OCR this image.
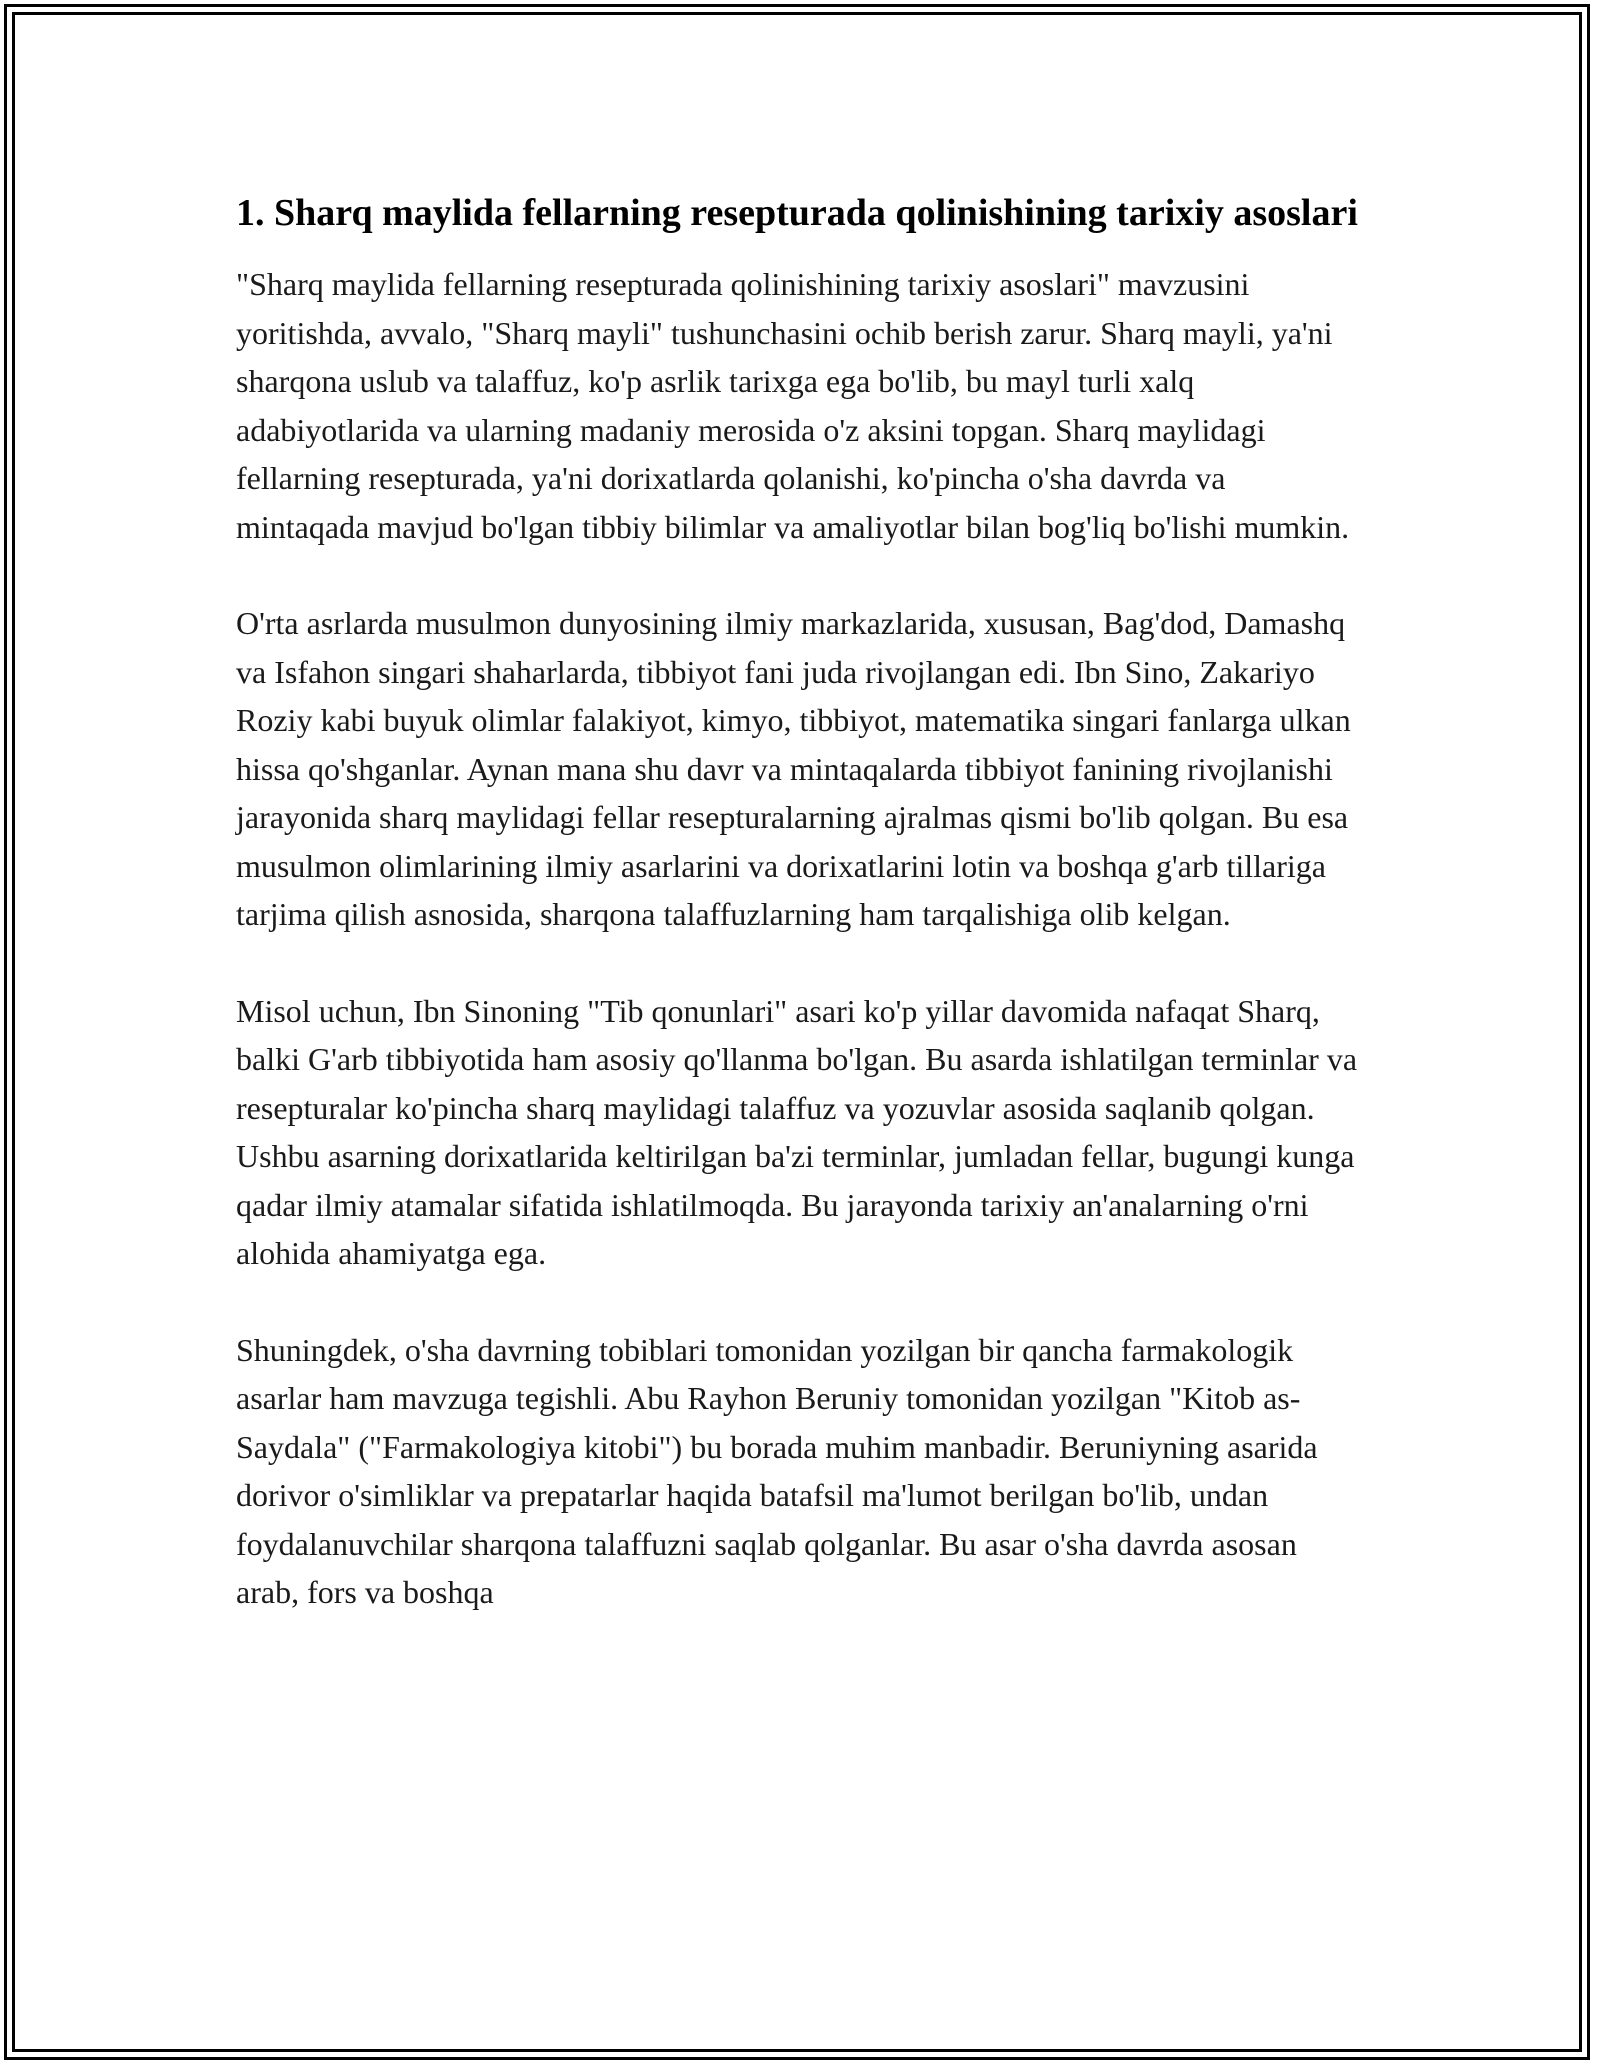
1. Sharq maylida fellarning resepturada qolinishining tarixiy asoslari

"Sharq maylida fellarning resepturada qolinishining tarixiy asoslari" mavzusini yoritishda, avvalo, "Sharq mayli" tushunchasini ochib berish zarur. Sharq mayli, ya'ni sharqona uslub va talaffuz, ko'p asrlik tarixga ega bo'lib, bu mayl turli xalq adabiyotlarida va ularning madaniy merosida o'z aksini topgan. Sharq maylidagi fellarning resepturada, ya'ni dorixatlarda qolanishi, ko'pincha o'sha davrda va mintaqada mavjud bo'lgan tibbiy bilimlar va amaliyotlar bilan bog'liq bo'lishi mumkin.

O'rta asrlarda musulmon dunyosining ilmiy markazlarida, xususan, Bag'dod, Damashq va Isfahon singari shaharlarda, tibbiyot fani juda rivojlangan edi. Ibn Sino, Zakariyo Roziy kabi buyuk olimlar falakiyot, kimyo, tibbiyot, matematika singari fanlarga ulkan hissa qo'shganlar. Aynan mana shu davr va mintaqalarda tibbiyot fanining rivojlanishi jarayonida sharq maylidagi fellar resepturalarning ajralmas qismi bo'lib qolgan. Bu esa musulmon olimlarining ilmiy asarlarini va dorixatlarini lotin va boshqa g'arb tillariga tarjima qilish asnosida, sharqona talaffuzlarning ham tarqalishiga olib kelgan.

Misol uchun, Ibn Sinoning "Tib qonunlari" asari ko'p yillar davomida nafaqat Sharq, balki G'arb tibbiyotida ham asosiy qo'llanma bo'lgan. Bu asarda ishlatilgan terminlar va resepturalar ko'pincha sharq maylidagi talaffuz va yozuvlar asosida saqlanib qolgan. Ushbu asarning dorixatlarida keltirilgan ba'zi terminlar, jumladan fellar, bugungi kunga qadar ilmiy atamalar sifatida ishlatilmoqda. Bu jarayonda tarixiy an'analarning o'rni alohida ahamiyatga ega.

Shuningdek, o'sha davrning tobiblari tomonidan yozilgan bir qancha farmakologik asarlar ham mavzuga tegishli. Abu Rayhon Beruniy tomonidan yozilgan "Kitob as-Saydala" ("Farmakologiya kitobi") bu borada muhim manbadir. Beruniyning asarida dorivor o'simliklar va prepatarlar haqida batafsil ma'lumot berilgan bo'lib, undan foydalanuvchilar sharqona talaffuzni saqlab qolganlar. Bu asar o'sha davrda asosan arab, fors va boshqa
